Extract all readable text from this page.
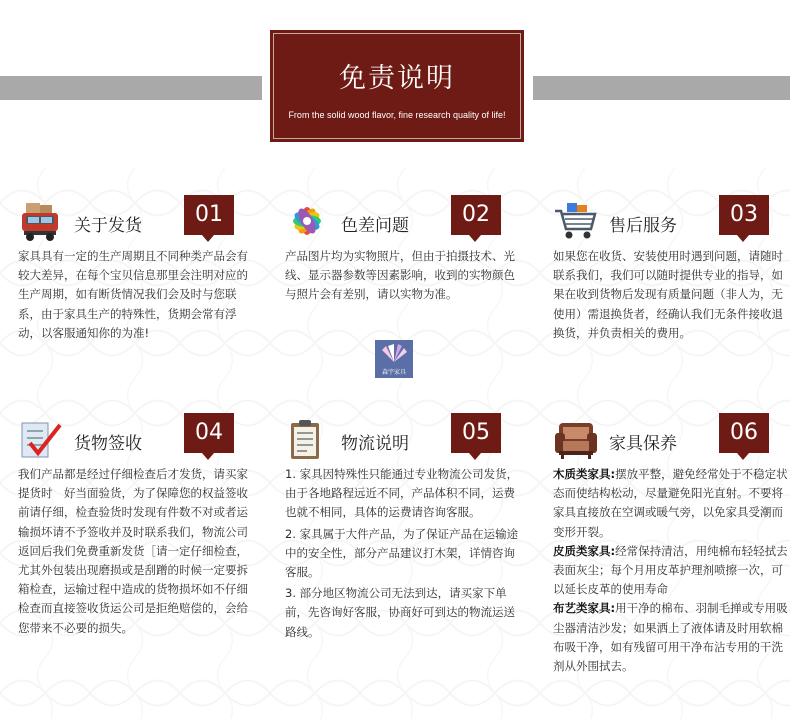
免责说明
From the solid wood flavor, fine research quality of life!
关于发货	01

家具具有一定的生产周期且不同种类产品会有较大差异，在每个宝贝信息那里会注明对应的生产周期，如有断货情况我们会及时与您联系，由于家具生产的特殊性，货期会常有浮动，以客服通知你的为准!

色差问题	02

产品图片均为实物照片，但由于拍摄技术、光线、显示器参数等因素影响，收到的实物颜色与照片会有差别，请以实物为准。

售后服务	03

如果您在收货、安装使用时遇到问题，请随时联系我们，我们可以随时提供专业的指导，如果在收到货物后发现有质量问题（非人为，无使用）需退换货者，经确认我们无条件接收退换货，并负责相关的费用。

货物签收	04

我们产品都是经过仔细检查后才发货，请买家提货时　好当面验货，为了保障您的权益签收前请仔细，检查验货时发现有件数不对或者运输损坏请不予签收并及时联系我们，物流公司返回后我们免费重新发货［请一定仔细检查，尤其外包装出现磨损或是刮蹭的时候一定要拆箱检查，运输过程中造成的货物损坏如不仔细检查而直接签收货运公司是拒绝赔偿的，会给您带来不必要的损失。

物流说明	05

1. 家具因特殊性只能通过专业物流公司发货，由于各地路程远近不同，产品体积不同，运费也就不相同，具体的运费请咨询客服。

2. 家具属于大件产品，为了保证产品在运输途中的安全性，部分产品建议打木架，详情咨询客服。

3. 部分地区物流公司无法到达，请买家下单前，先咨询好客服，协商好可到达的物流运送路线。

家具保养	06

木质类家具:摆放平整，避免经常处于不稳定状态而使结构松动，尽量避免阳光直射。不要将家具直接放在空调或暖气旁，以免家具受潮而变形开裂。

皮质类家具:经常保持清洁，用纯棉布轻轻拭去表面灰尘；每个月用皮革护理剂喷擦一次，可以延长皮革的使用寿命

布艺类家具:用干净的棉布、羽制毛掸或专用吸尘器清洁沙发；如果洒上了液体请及时用软棉布吸干净，如有残留可用干净布沾专用的干洗剂从外围拭去。

森宇家具
